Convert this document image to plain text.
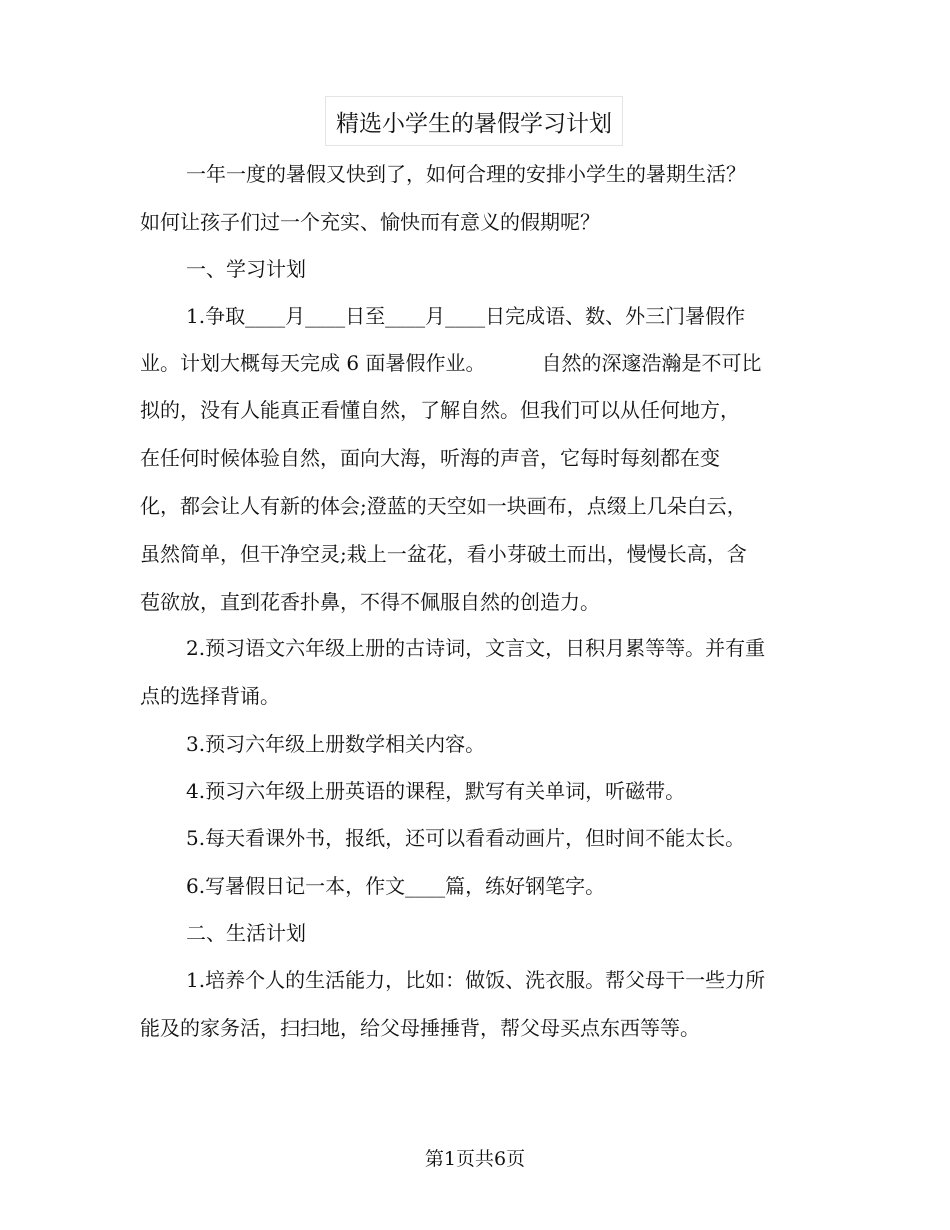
精选小学生的暑假学习计划
一年一度的暑假又快到了，如何合理的安排小学生的暑期生活？
如何让孩子们过一个充实、愉快而有意义的假期呢？
一、学习计划
1.争取____月____日至____月____日完成语、数、外三门暑假作
业。计划大概每天完成 6 面暑假作业。	自然的深邃浩瀚是不可比
拟的，没有人能真正看懂自然，了解自然。但我们可以从任何地方，
在任何时候体验自然，面向大海，听海的声音，它每时每刻都在变
化，都会让人有新的体会;澄蓝的天空如一块画布，点缀上几朵白云，
虽然简单，但干净空灵;栽上一盆花，看小芽破土而出，慢慢长高，含
苞欲放，直到花香扑鼻，不得不佩服自然的创造力。
2.预习语文六年级上册的古诗词，文言文，日积月累等等。并有重
点的选择背诵。
3.预习六年级上册数学相关内容。
4.预习六年级上册英语的课程，默写有关单词，听磁带。
5.每天看课外书，报纸，还可以看看动画片，但时间不能太长。
6.写暑假日记一本，作文____篇，练好钢笔字。
二、生活计划
1.培养个人的生活能力，比如：做饭、洗衣服。帮父母干一些力所
能及的家务活，扫扫地，给父母捶捶背，帮父母买点东西等等。
第1页共6页
